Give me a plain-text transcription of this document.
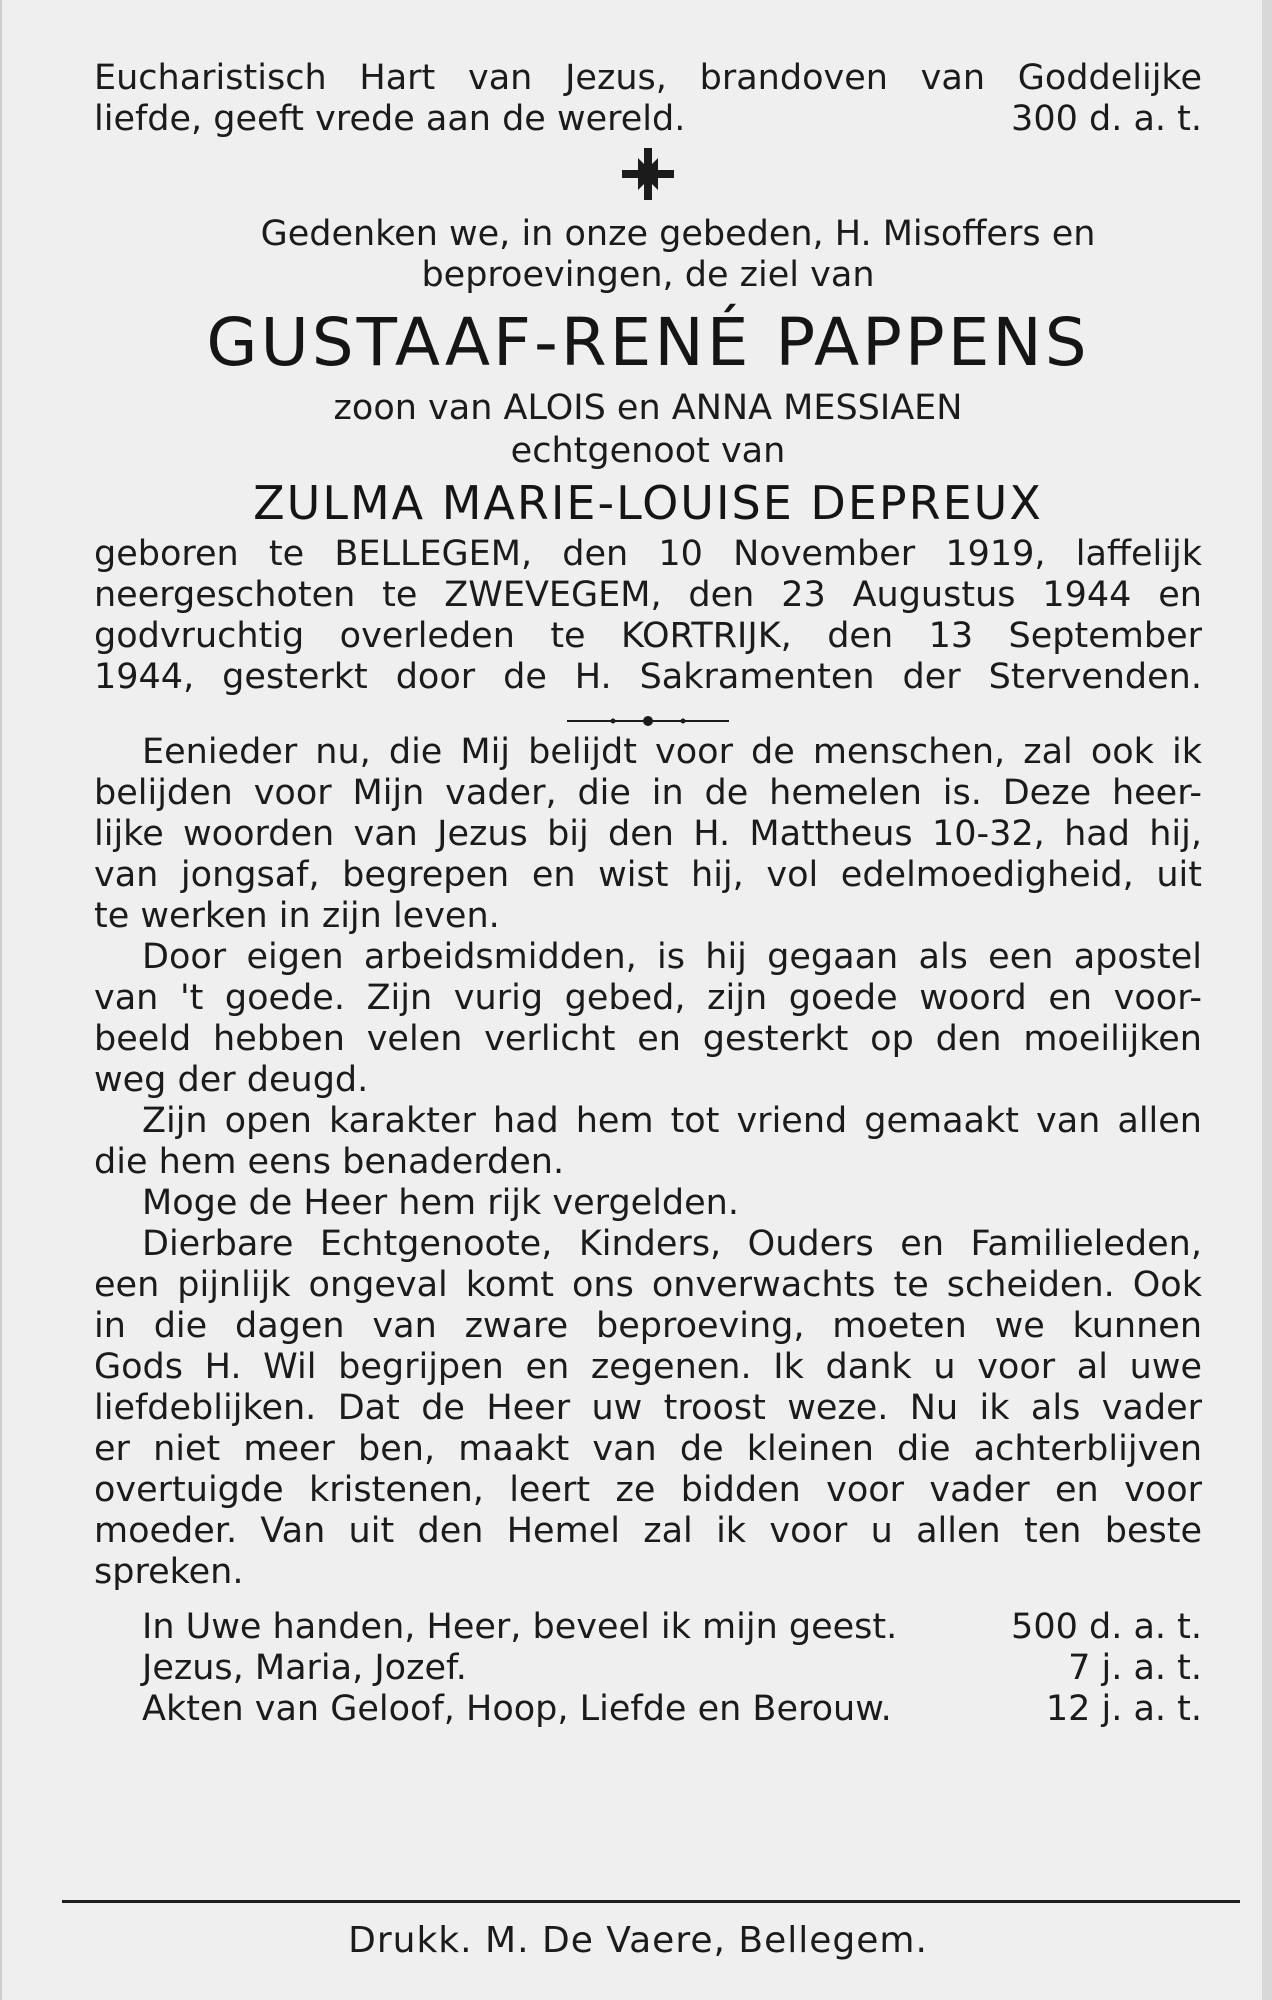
Eucharistisch Hart van Jezus, brandoven van Goddelijke
liefde, geeft vrede aan de wereld.	300 d. a. t.
Gedenken we, in onze gebeden, H. Misoffers en
beproevingen, de ziel van
GUSTAAF-RENÉ PAPPENS
zoon van ALOIS en ANNA MESSIAEN
echtgenoot van
ZULMA MARIE-LOUISE DEPREUX
geboren te BELLEGEM, den 10 November 1919, laffelijk
neergeschoten te ZWEVEGEM, den 23 Augustus 1944 en
godvruchtig overleden te KORTRIJK, den 13 September
1944, gesterkt door de H. Sakramenten der Stervenden.
Eenieder nu, die Mij belijdt voor de menschen, zal ook ik
belijden voor Mijn vader, die in de hemelen is. Deze heer-
lijke woorden van Jezus bij den H. Mattheus 10-32, had hij,
van jongsaf, begrepen en wist hij, vol edelmoedigheid, uit
te werken in zijn leven.
Door eigen arbeidsmidden, is hij gegaan als een apostel
van 't goede. Zijn vurig gebed, zijn goede woord en voor-
beeld hebben velen verlicht en gesterkt op den moeilijken
weg der deugd.
Zijn open karakter had hem tot vriend gemaakt van allen
die hem eens benaderden.
Moge de Heer hem rijk vergelden.
Dierbare Echtgenoote, Kinders, Ouders en Familieleden,
een pijnlijk ongeval komt ons onverwachts te scheiden. Ook
in die dagen van zware beproeving, moeten we kunnen
Gods H. Wil begrijpen en zegenen. Ik dank u voor al uwe
liefdeblijken. Dat de Heer uw troost weze. Nu ik als vader
er niet meer ben, maakt van de kleinen die achterblijven
overtuigde kristenen, leert ze bidden voor vader en voor
moeder. Van uit den Hemel zal ik voor u allen ten beste
spreken.
In Uwe handen, Heer, beveel ik mijn geest.	500 d. a. t.
Jezus, Maria, Jozef.	7 j. a. t.
Akten van Geloof, Hoop, Liefde en Berouw.	12 j. a. t.
Drukk. M. De Vaere, Bellegem.
